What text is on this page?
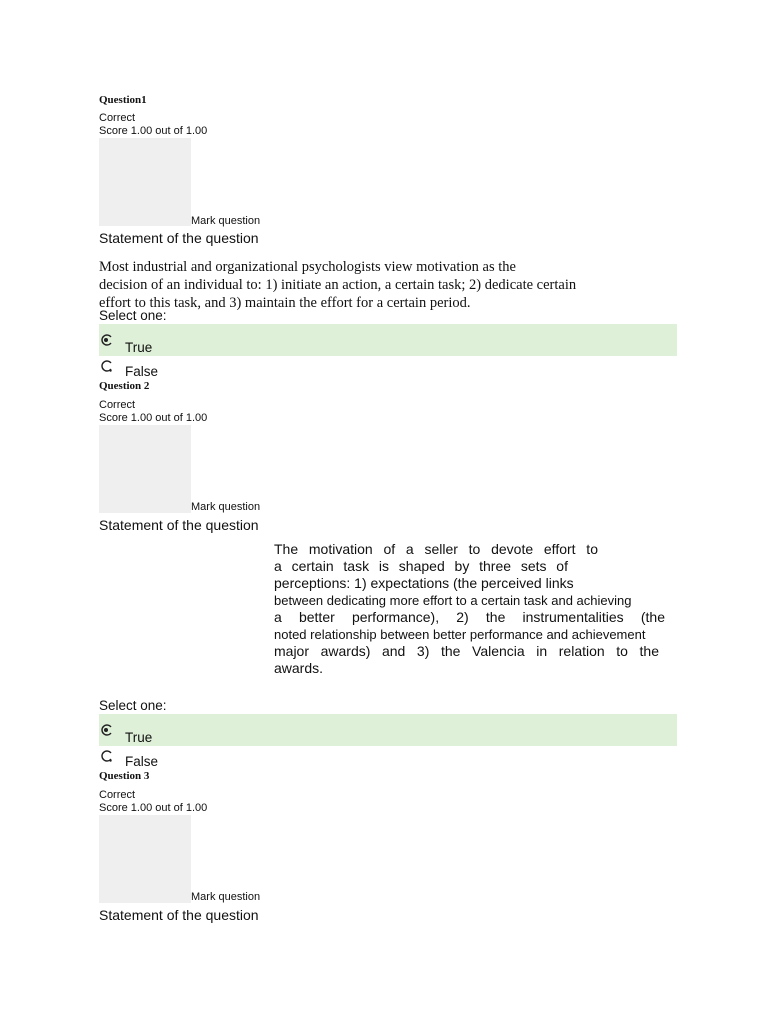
Question1
Correct
Score 1.00 out of 1.00
Mark question
Statement of the question
Most industrial and organizational psychologists view motivation as the
decision of an individual to: 1) initiate an action, a certain task; 2) dedicate certain
effort to this task, and 3) maintain the effort for a certain period.
Select one:
True
False
Question 2
Correct
Score 1.00 out of 1.00
Mark question
Statement of the question
The motivation of a seller to devote effort to
a certain task is shaped by three sets of
perceptions: 1) expectations (the perceived links
between dedicating more effort to a certain task and achieving
a better performance), 2) the instrumentalities (the
noted relationship between better performance and achievement
major awards) and 3) the Valencia in relation to the
awards.
Select one:
True
False
Question 3
Correct
Score 1.00 out of 1.00
Mark question
Statement of the question
